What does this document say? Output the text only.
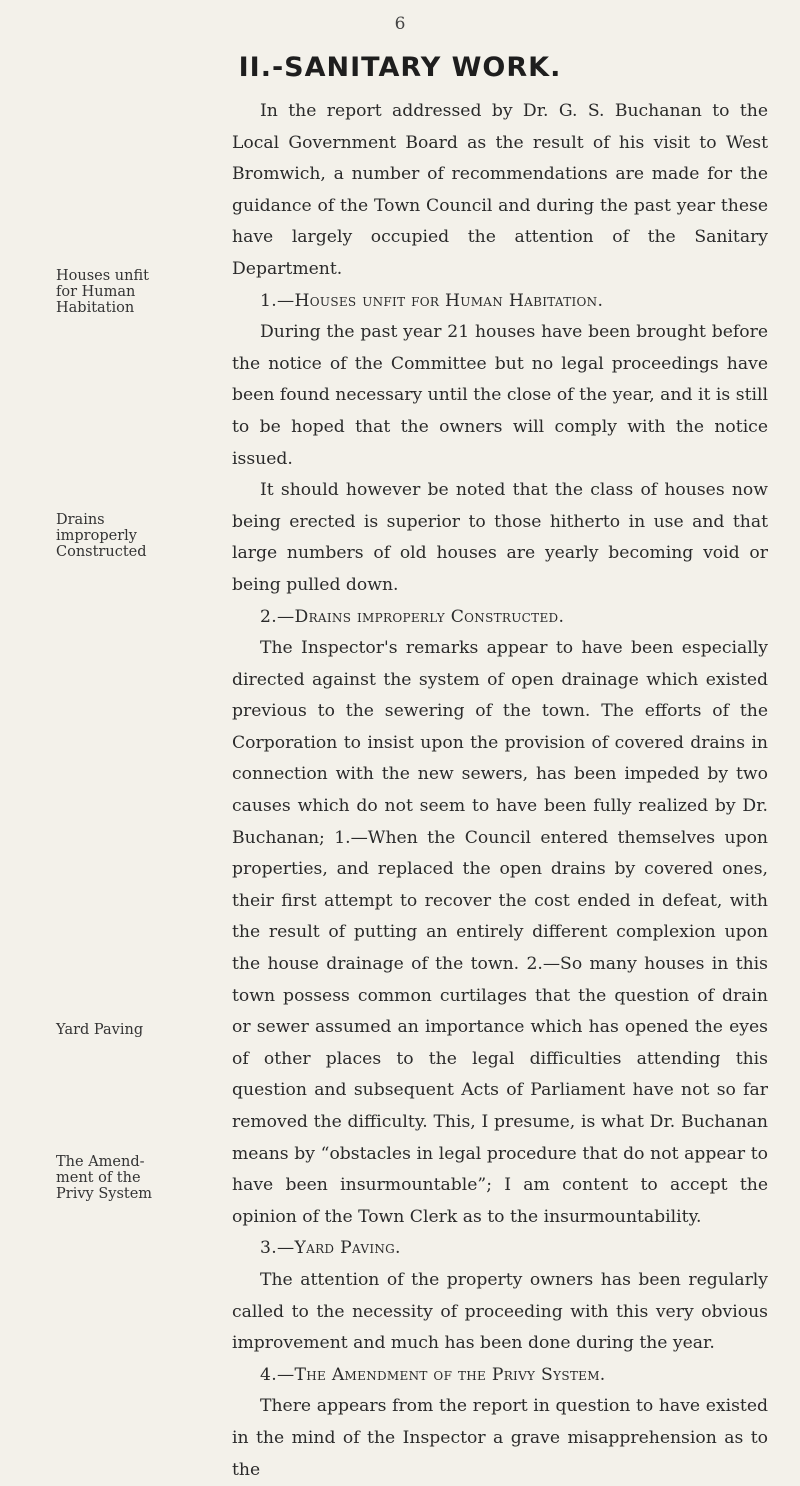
6
II.-SANITARY WORK.
Houses unfit
for Human
Habitation
Drains
improperly
Constructed
Yard Paving
The Amend-
ment of the
Privy System

In the report addressed by Dr. G. S. Buchanan to the Local Government Board as the result of his visit to West Bromwich, a number of recommendations are made for the guidance of the Town Council and during the past year these have largely occupied the attention of the Sanitary Department.

1.—Houses unfit for Human Habitation.

During the past year 21 houses have been brought before the notice of the Committee but no legal proceedings have been found necessary until the close of the year, and it is still to be hoped that the owners will comply with the notice issued.

It should however be noted that the class of houses now being erected is superior to those hitherto in use and that large numbers of old houses are yearly becoming void or being pulled down.

2.—Drains improperly Constructed.

The Inspector's remarks appear to have been especially directed against the system of open drainage which existed previous to the sewering of the town. The efforts of the Corporation to insist upon the provision of covered drains in connection with the new sewers, has been impeded by two causes which do not seem to have been fully realized by Dr. Buchanan; 1.—When the Council entered themselves upon properties, and replaced the open drains by covered ones, their first attempt to recover the cost ended in defeat, with the result of putting an entirely different complexion upon the house drainage of the town. 2.—So many houses in this town possess common curtilages that the question of drain or sewer assumed an importance which has opened the eyes of other places to the legal difficulties attending this question and subsequent Acts of Parliament have not so far removed the difficulty. This, I presume, is what Dr. Buchanan means by “obstacles in legal procedure that do not appear to have been insurmountable”; I am content to accept the opinion of the Town Clerk as to the insurmountability.

3.—Yard Paving.

The attention of the property owners has been regularly called to the necessity of proceeding with this very obvious improvement and much has been done during the year.

4.—The Amendment of the Privy System.

There appears from the report in question to have existed in the mind of the Inspector a grave misapprehension as to the
